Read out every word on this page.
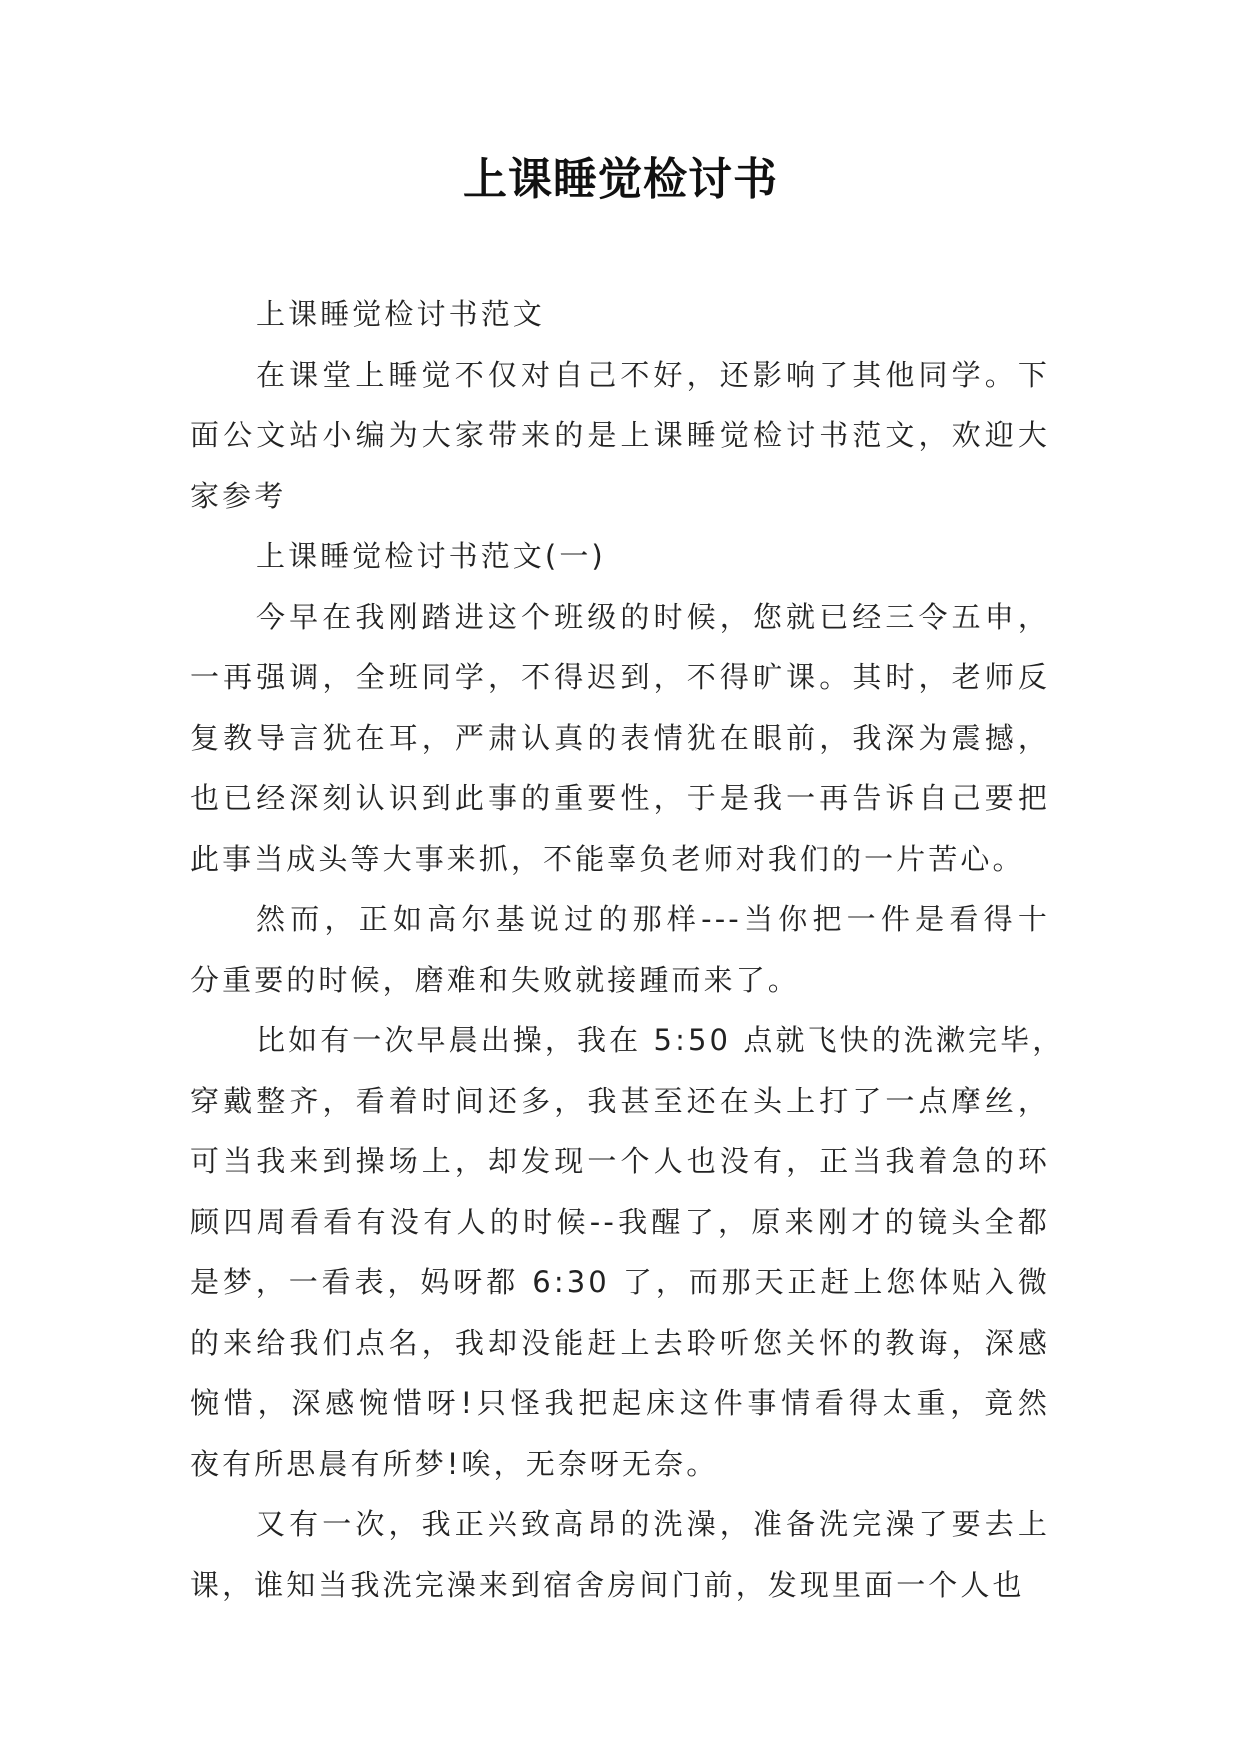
上课睡觉检讨书
上课睡觉检讨书范文
在课堂上睡觉不仅对自己不好，还影响了其他同学。下
面公文站小编为大家带来的是上课睡觉检讨书范文，欢迎大
家参考
上课睡觉检讨书范文(一)
今早在我刚踏进这个班级的时候，您就已经三令五申，
一再强调，全班同学，不得迟到，不得旷课。其时，老师反
复教导言犹在耳，严肃认真的表情犹在眼前，我深为震撼，
也已经深刻认识到此事的重要性，于是我一再告诉自己要把
此事当成头等大事来抓，不能辜负老师对我们的一片苦心。
然而，正如高尔基说过的那样---当你把一件是看得十
分重要的时候，磨难和失败就接踵而来了。
比如有一次早晨出操，我在 5:50 点就飞快的洗漱完毕，
穿戴整齐，看着时间还多，我甚至还在头上打了一点摩丝，
可当我来到操场上，却发现一个人也没有，正当我着急的环
顾四周看看有没有人的时候--我醒了，原来刚才的镜头全都
是梦，一看表，妈呀都 6:30 了，而那天正赶上您体贴入微
的来给我们点名，我却没能赶上去聆听您关怀的教诲，深感
惋惜，深感惋惜呀!只怪我把起床这件事情看得太重，竟然
夜有所思晨有所梦!唉，无奈呀无奈。
又有一次，我正兴致高昂的洗澡，准备洗完澡了要去上
课，谁知当我洗完澡来到宿舍房间门前，发现里面一个人也
